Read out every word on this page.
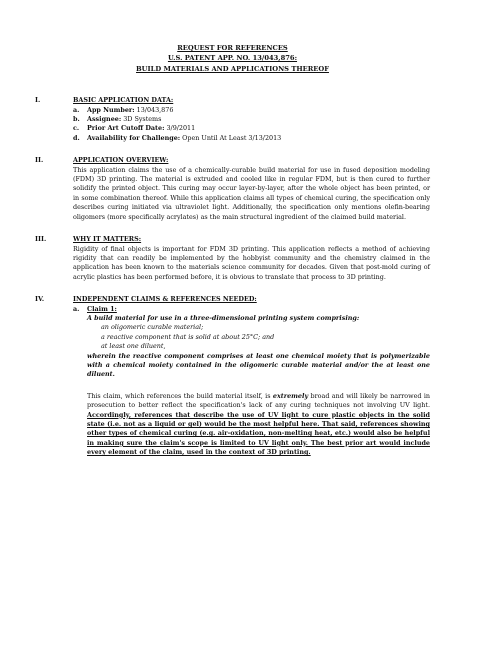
REQUEST FOR REFERENCES
U.S. PATENT APP. NO. 13/043,876:
BUILD MATERIALS AND APPLICATIONS THEREOF
I.	BASIC APPLICATION DATA:
a. App Number: 13/043,876
b. Assignee: 3D Systems
c. Prior Art Cutoff Date: 3/9/2011
d. Availability for Challenge: Open Until At Least 3/13/2013
II.	APPLICATION OVERVIEW:
This application claims the use of a chemically-curable build material for use in fused deposition modeling (FDM) 3D printing. The material is extruded and cooled like in regular FDM, but is then cured to further solidify the printed object. This curing may occur layer-by-layer, after the whole object has been printed, or in some combination thereof. While this application claims all types of chemical curing, the specification only describes curing initiated via ultraviolet light. Additionally, the specification only mentions olefin-bearing oligomers (more specifically acrylates) as the main structural ingredient of the claimed build material.
III.	WHY IT MATTERS:
Rigidity of final objects is important for FDM 3D printing. This application reflects a method of achieving rigidity that can readily be implemented by the hobbyist community and the chemistry claimed in the application has been known to the materials science community for decades. Given that post-mold curing of acrylic plastics has been performed before, it is obvious to translate that process to 3D printing.
IV.	INDEPENDENT CLAIMS & REFERENCES NEEDED:
a. Claim 1:
A build material for use in a three-dimensional printing system comprising:
an oligomeric curable material;
a reactive component that is solid at about 25°C; and
at least one diluent,
wherein the reactive component comprises at least one chemical moiety that is polymerizable with a chemical moiety contained in the oligomeric curable material and/or the at least one diluent.
This claim, which references the build material itself, is extremely broad and will likely be narrowed in prosecution to better reflect the specification's lack of any curing techniques not involving UV light. Accordingly, references that describe the use of UV light to cure plastic objects in the solid state (i.e. not as a liquid or gel) would be the most helpful here. That said, references showing other types of chemical curing (e.g. air-oxidation, non-melting heat, etc.) would also be helpful in making sure the claim's scope is limited to UV light only. The best prior art would include every element of the claim, used in the context of 3D printing.
